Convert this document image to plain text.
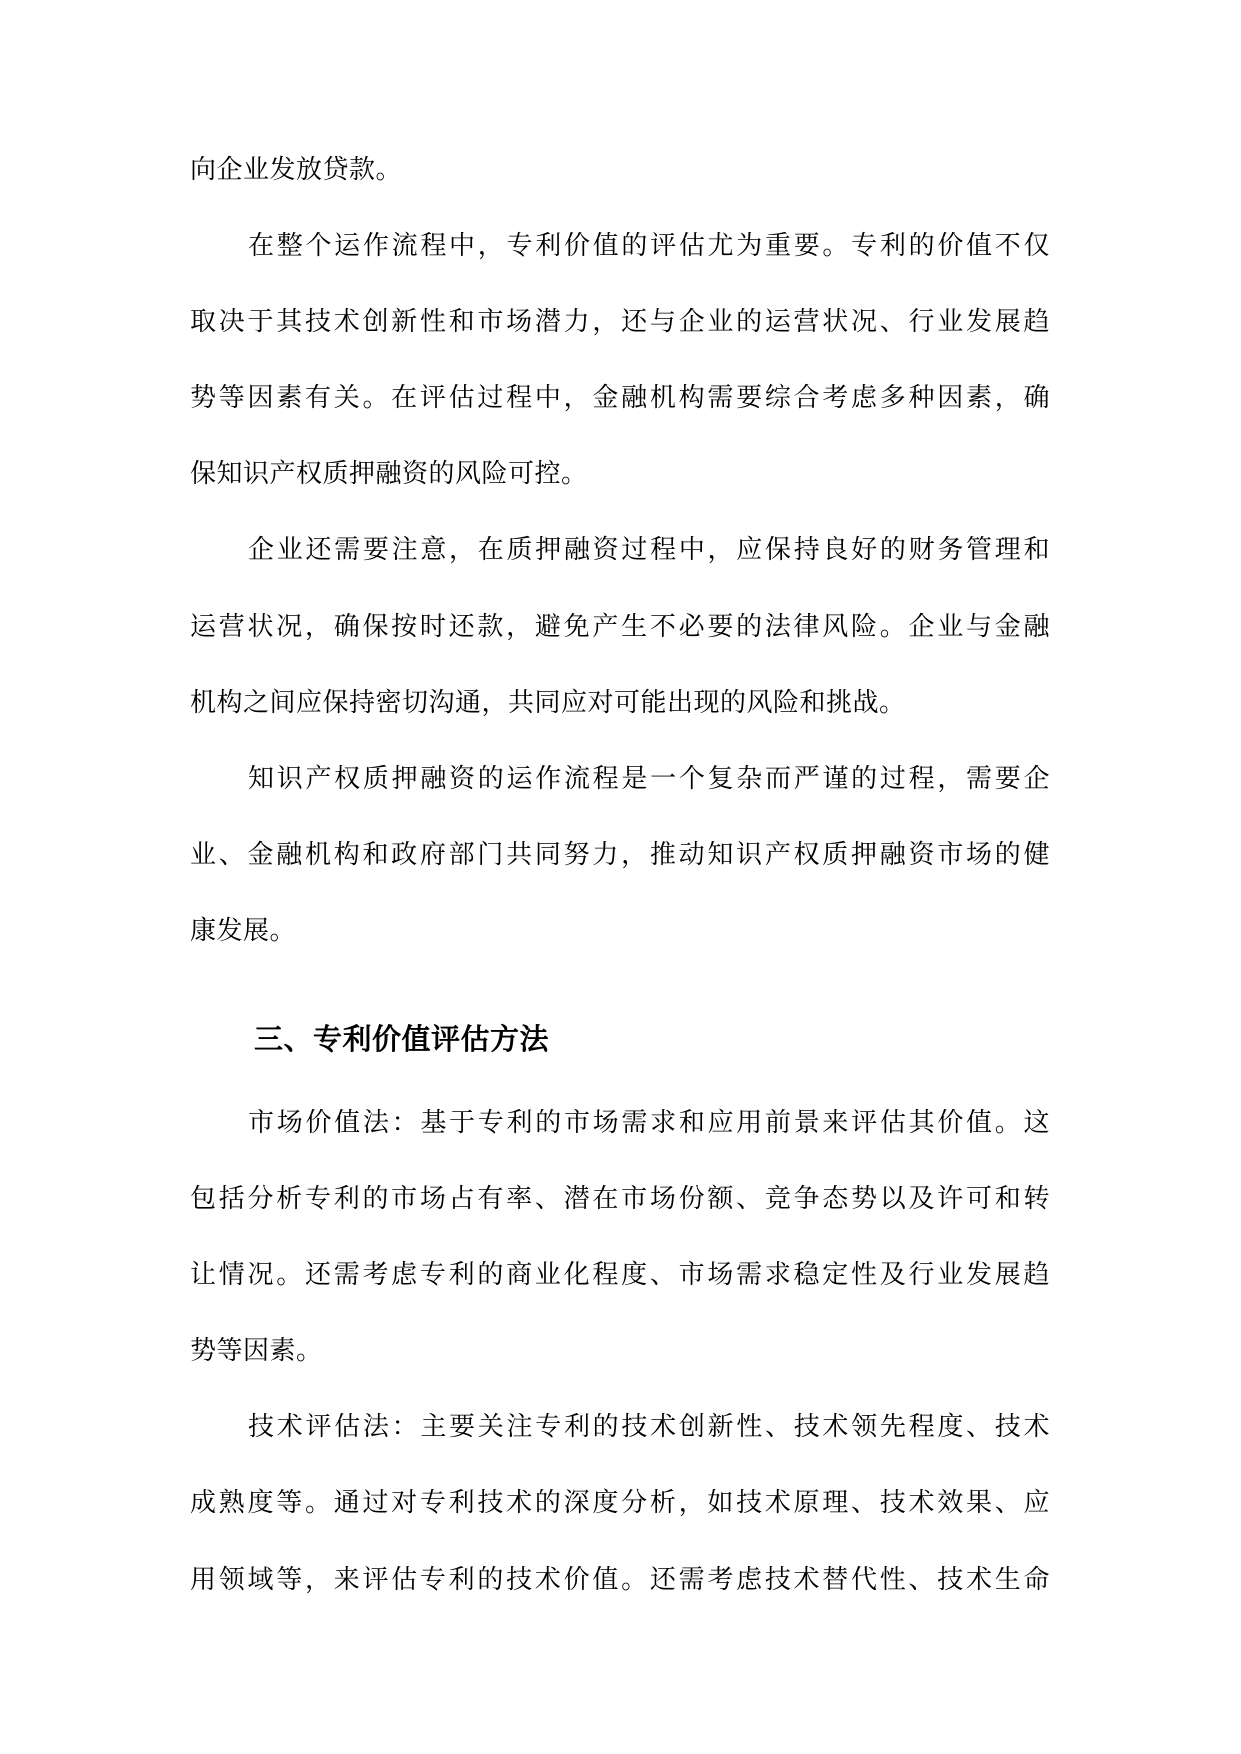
向企业发放贷款。
在整个运作流程中，专利价值的评估尤为重要。专利的价值不仅
取决于其技术创新性和市场潜力，还与企业的运营状况、行业发展趋
势等因素有关。在评估过程中，金融机构需要综合考虑多种因素，确
保知识产权质押融资的风险可控。
企业还需要注意，在质押融资过程中，应保持良好的财务管理和
运营状况，确保按时还款，避免产生不必要的法律风险。企业与金融
机构之间应保持密切沟通，共同应对可能出现的风险和挑战。
知识产权质押融资的运作流程是一个复杂而严谨的过程，需要企
业、金融机构和政府部门共同努力，推动知识产权质押融资市场的健
康发展。
三、专利价值评估方法
市场价值法：基于专利的市场需求和应用前景来评估其价值。这
包括分析专利的市场占有率、潜在市场份额、竞争态势以及许可和转
让情况。还需考虑专利的商业化程度、市场需求稳定性及行业发展趋
势等因素。
技术评估法：主要关注专利的技术创新性、技术领先程度、技术
成熟度等。通过对专利技术的深度分析，如技术原理、技术效果、应
用领域等，来评估专利的技术价值。还需考虑技术替代性、技术生命
